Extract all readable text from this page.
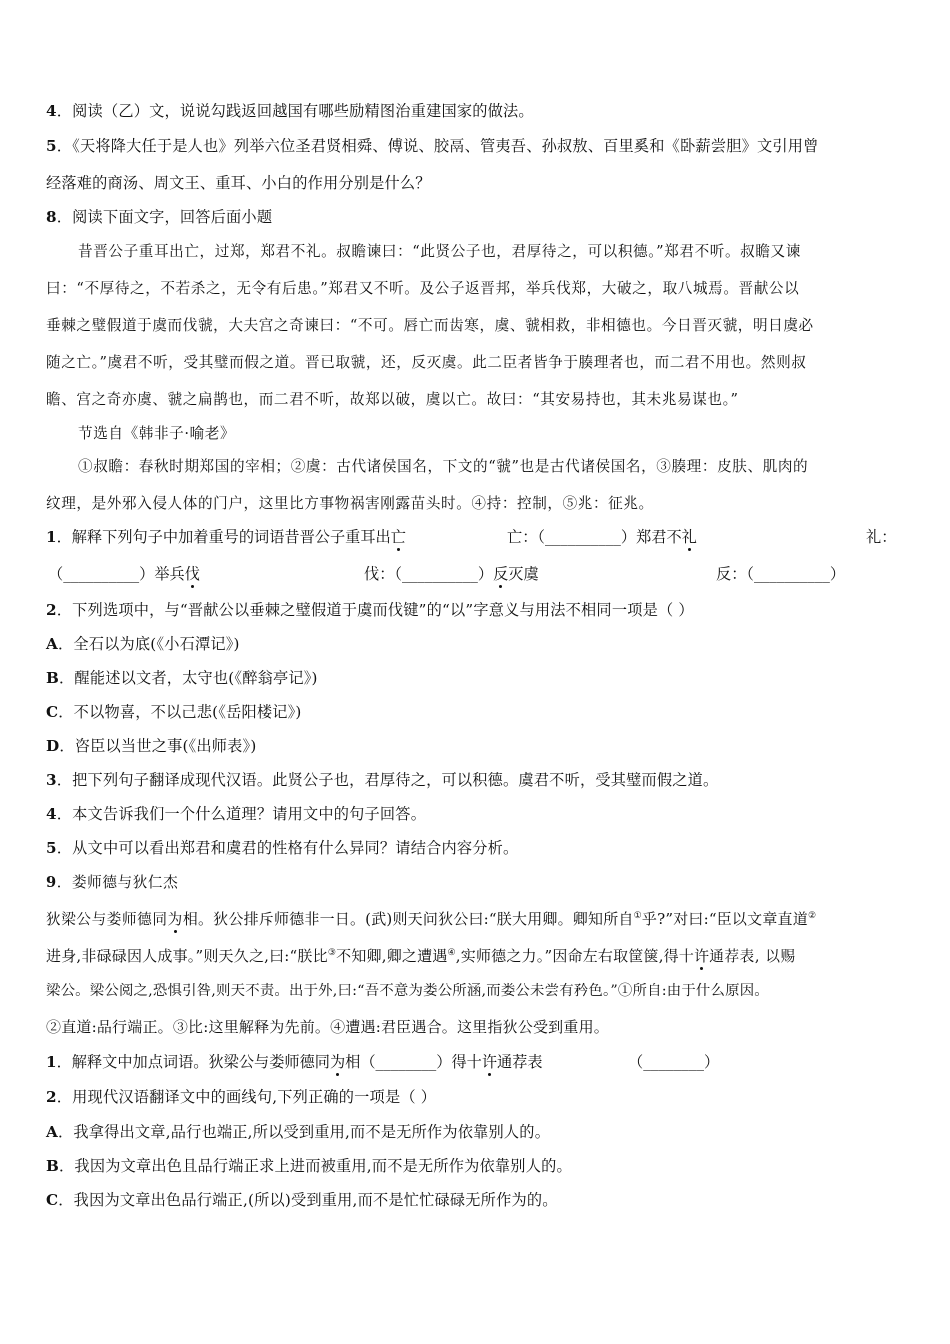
4．阅读（乙）文，说说勾践返回越国有哪些励精图治重建国家的做法。
5．《天将降大任于是人也》列举六位圣君贤相舜、傅说、胶鬲、管夷吾、孙叔敖、百里奚和《卧薪尝胆》文引用曾
经落难的商汤、周文王、重耳、小白的作用分别是什么？
8．阅读下面文字，回答后面小题
昔晋公子重耳出亡，过郑，郑君不礼。叔瞻谏曰：“此贤公子也，君厚待之，可以积德。”郑君不听。叔瞻又谏
曰：“不厚待之，不若杀之，无令有后患。”郑君又不听。及公子返晋邦，举兵伐郑，大破之，取八城焉。晋献公以
垂棘之璧假道于虞而伐虢，大夫宫之奇谏曰：“不可。唇亡而齿寒，虞、虢相救，非相德也。今日晋灭虢，明日虞必
随之亡。”虞君不听，受其璧而假之道。晋已取虢，还，反灭虞。此二臣者皆争于腠理者也，而二君不用也。然则叔
瞻、宫之奇亦虞、虢之扁鹊也，而二君不听，故郑以破，虞以亡。故曰：“其安易持也，其未兆易谋也。”
节选自《韩非子·喻老》
①叔瞻：春秋时期郑国的宰相；②虞：古代诸侯国名，下文的“虢”也是古代诸侯国名，③腠理：皮肤、肌肉的
纹理，是外邪入侵人体的门户，这里比方事物祸害刚露苗头时。④持：控制，⑤兆：征兆。
1．解释下列句子中加着重号的词语昔晋公子重耳出亡	亡：（__________）郑君不礼	礼：
（__________）举兵伐	伐：（__________）反灭虞	反：（__________）
2．下列选项中，与“晋献公以垂棘之璧假道于虞而伐键”的“以”字意义与用法不相同一项是（ ）
A．全石以为底(《小石潭记》)
B．醒能述以文者，太守也(《醉翁亭记》)
C．不以物喜，不以己悲(《岳阳楼记》)
D．咨臣以当世之事(《出师表》)
3．把下列句子翻译成现代汉语。此贤公子也，君厚待之，可以积德。虞君不听，受其璧而假之道。
4．本文告诉我们一个什么道理？请用文中的句子回答。
5．从文中可以看出郑君和虞君的性格有什么异同？请结合内容分析。
9．娄师德与狄仁杰
狄梁公与娄师德同为相。狄公排斥师德非一日。(武)则天问狄公曰:“朕大用卿。卿知所自①乎?”对曰:“臣以文章直道②
进身,非碌碌因人成事。”则天久之,曰:“朕比③不知卿,卿之遭遇④,实师德之力。”因命左右取筐箧,得十许通荐表, 以赐
梁公。梁公阅之,恐惧引咎,则天不责。出于外,曰:“吾不意为娄公所涵,而娄公未尝有矜色。”①所自:由于什么原因。
②直道:品行端正。③比:这里解释为先前。④遭遇:君臣遇合。这里指狄公受到重用。
1．解释文中加点词语。狄梁公与娄师德同为相（________）得十许通荐表	（________）
2．用现代汉语翻译文中的画线句,下列正确的一项是（ ）
A．我拿得出文章,品行也端正,所以受到重用,而不是无所作为依靠别人的。
B．我因为文章出色且品行端正求上进而被重用,而不是无所作为依靠别人的。
C．我因为文章出色品行端正,(所以)受到重用,而不是忙忙碌碌无所作为的。
